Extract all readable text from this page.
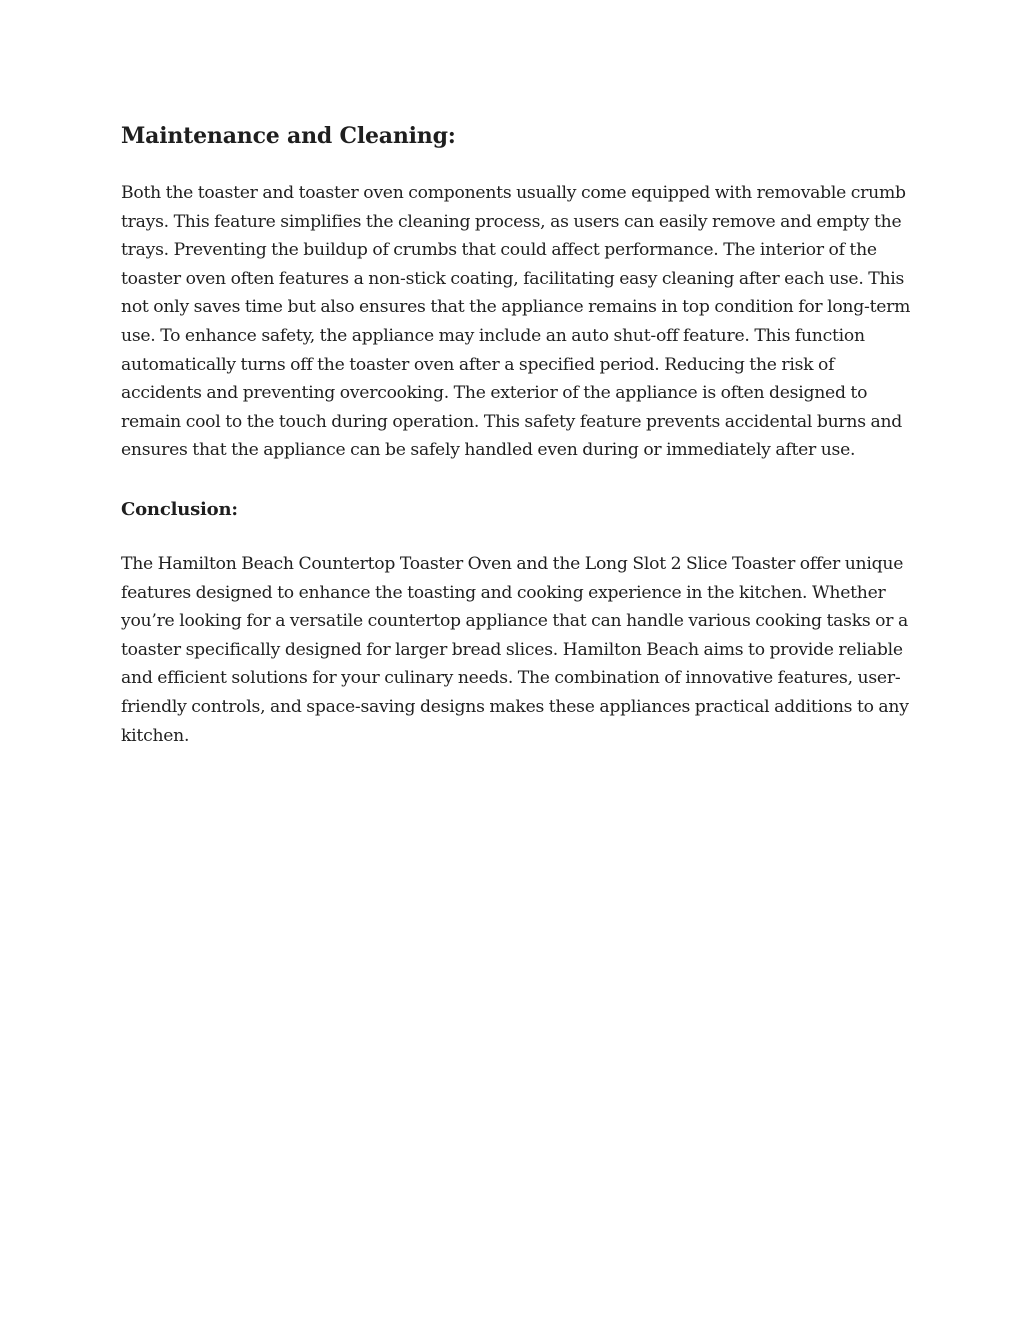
Maintenance and Cleaning:

Both the toaster and toaster oven components usually come equipped with removable crumb trays. This feature simplifies the cleaning process, as users can easily remove and empty the trays. Preventing the buildup of crumbs that could affect performance. The interior of the toaster oven often features a non-stick coating, facilitating easy cleaning after each use. This not only saves time but also ensures that the appliance remains in top condition for long-term use. To enhance safety, the appliance may include an auto shut-off feature. This function automatically turns off the toaster oven after a specified period. Reducing the risk of accidents and preventing overcooking. The exterior of the appliance is often designed to remain cool to the touch during operation. This safety feature prevents accidental burns and ensures that the appliance can be safely handled even during or immediately after use.

Conclusion:

The Hamilton Beach Countertop Toaster Oven and the Long Slot 2 Slice Toaster offer unique features designed to enhance the toasting and cooking experience in the kitchen. Whether you’re looking for a versatile countertop appliance that can handle various cooking tasks or a toaster specifically designed for larger bread slices. Hamilton Beach aims to provide reliable and efficient solutions for your culinary needs. The combination of innovative features, user-friendly controls, and space-saving designs makes these appliances practical additions to any kitchen.
